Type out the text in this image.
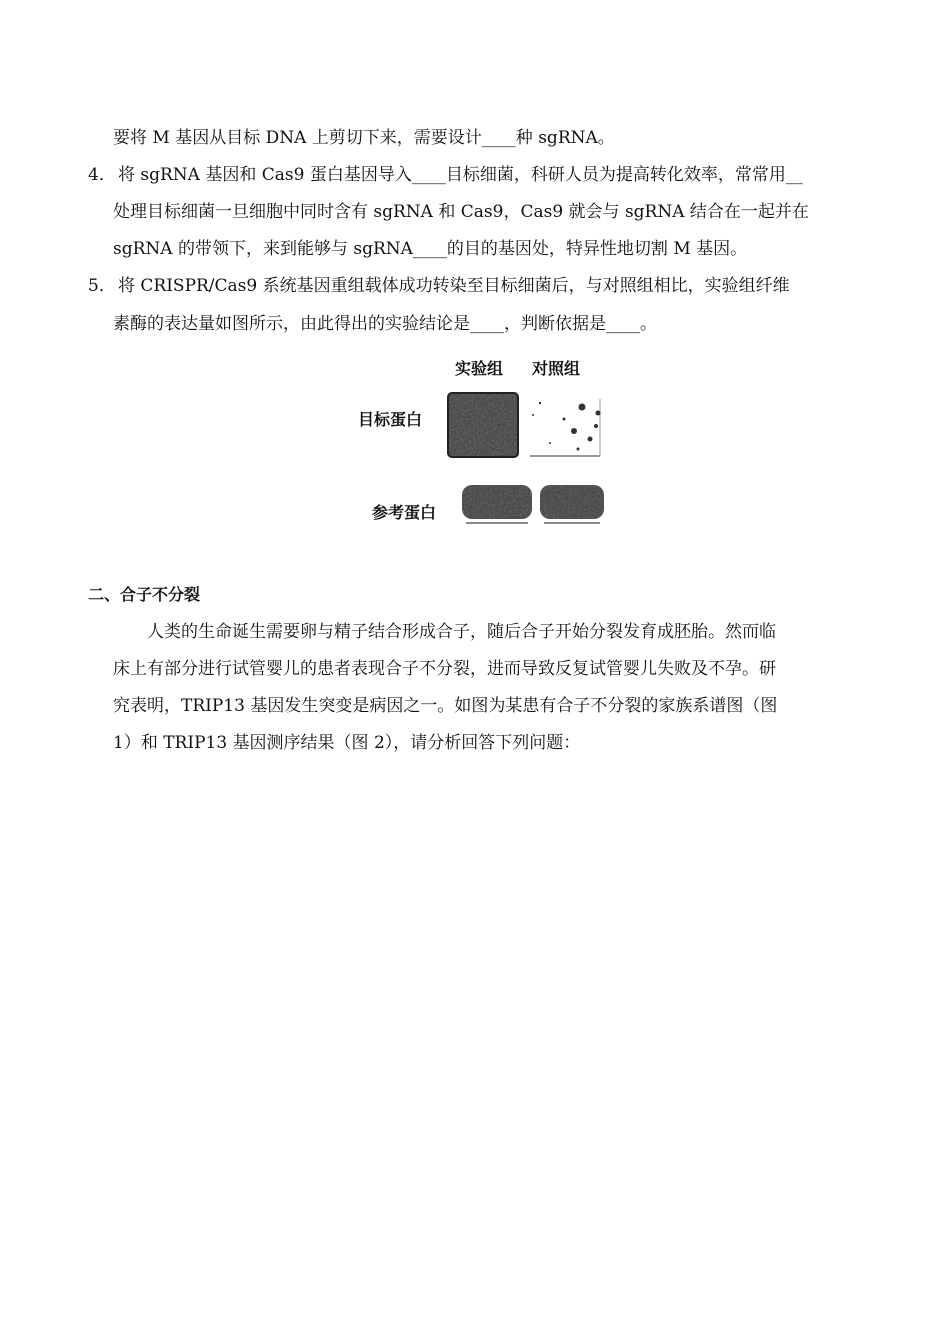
要将 M 基因从目标 DNA 上剪切下来，需要设计____种 sgRNA。
4． 将 sgRNA 基因和 Cas9 蛋白基因导入____目标细菌，科研人员为提高转化效率，常常用__
处理目标细菌一旦细胞中同时含有 sgRNA 和 Cas9，Cas9 就会与 sgRNA 结合在一起并在
sgRNA 的带领下，来到能够与 sgRNA____的目的基因处，特异性地切割 M 基因。
5． 将 CRISPR/Cas9 系统基因重组载体成功转染至目标细菌后，与对照组相比，实验组纤维
素酶的表达量如图所示，由此得出的实验结论是____，判断依据是____。
实验组 对照组
目标蛋白
参考蛋白
二、合子不分裂
人类的生命诞生需要卵与精子结合形成合子，随后合子开始分裂发育成胚胎。然而临
床上有部分进行试管婴儿的患者表现合子不分裂，进而导致反复试管婴儿失败及不孕。研
究表明，TRIP13 基因发生突变是病因之一。如图为某患有合子不分裂的家族系谱图（图
1）和 TRIP13 基因测序结果（图 2），请分析回答下列问题：
